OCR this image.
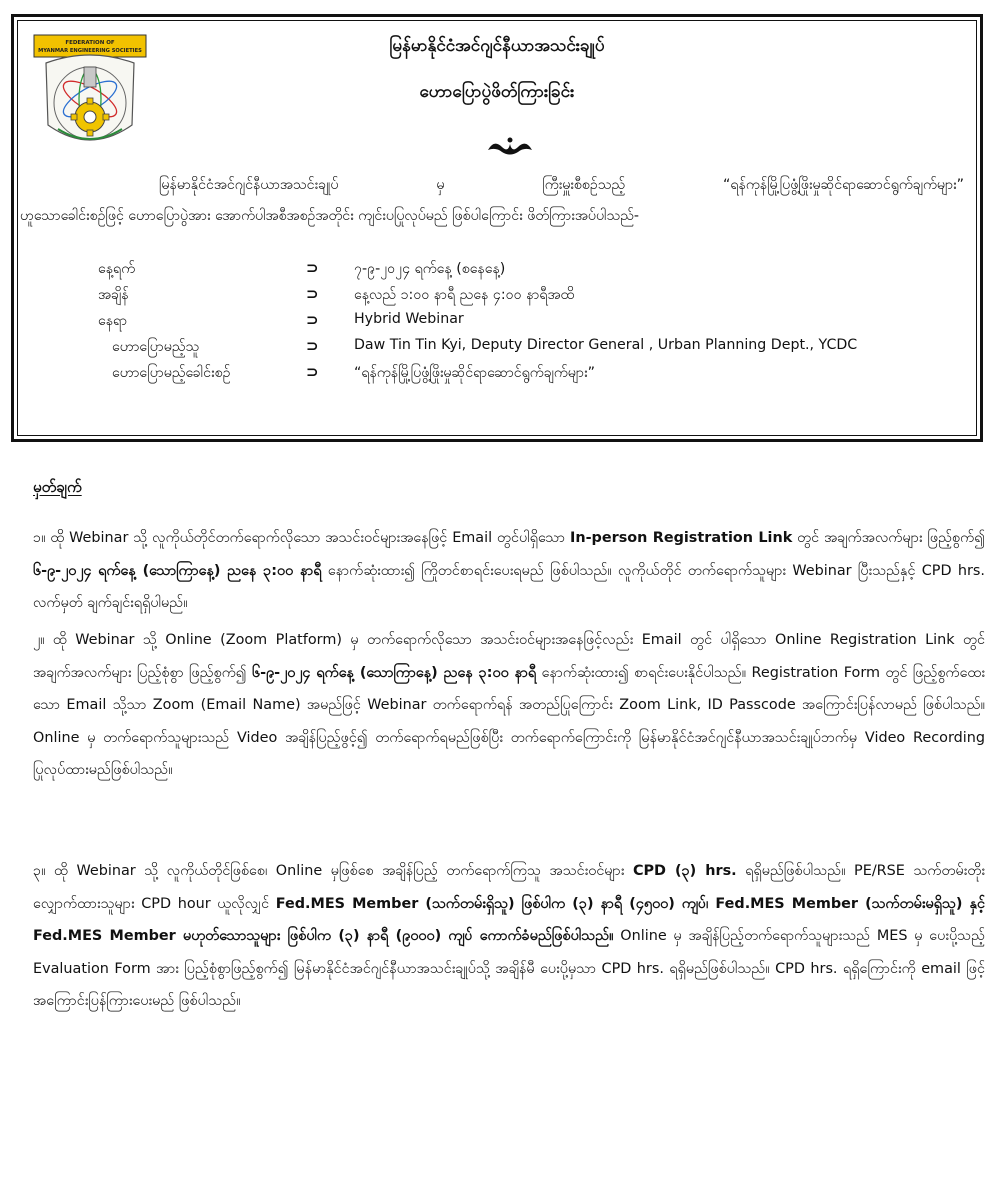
FEDERATION OF
MYANMAR ENGINEERING SOCIETIES	မြန်မာနိုင်ငံအင်ဂျင်နီယာအသင်းချုပ်
ဟောပြောပွဲဖိတ်ကြားခြင်း
မြန်မာနိုင်ငံအင်ဂျင်နီယာအသင်းချုပ်	မှ	ကြီးမှူးစီစဉ်သည့်	“ရန်ကုန်မြို့ပြဖွံ့ဖြိုးမှုဆိုင်ရာဆောင်ရွက်ချက်များ”
ဟူသောခေါင်းစဉ်ဖြင့် ဟောပြောပွဲအား အောက်ပါအစီအစဉ်အတိုင်း ကျင်းပပြုလုပ်မည် ဖြစ်ပါကြောင်း ဖိတ်ကြားအပ်ပါသည်-
နေ့ရက်	⊃ ၇-၉-၂၀၂၄ ရက်နေ့ (စနေနေ့)
အချိန်	⊃ နေ့လည် ၁:၀၀ နာရီ ညနေ ၄:၀၀ နာရီအထိ
နေရာ	⊃ Hybrid Webinar
ဟောပြောမည့်သူ	⊃ Daw Tin Tin Kyi, Deputy Director General , Urban Planning Dept., YCDC
ဟောပြောမည့်ခေါင်းစဉ်	⊃ “ရန်ကုန်မြို့ပြဖွံ့ဖြိုးမှုဆိုင်ရာဆောင်ရွက်ချက်များ”
မှတ်ချက်

၁။ ထို Webinar သို့ လူကိုယ်တိုင်တက်ရောက်လိုသော အသင်းဝင်များအနေဖြင့် Email တွင်ပါရှိသော In-person Registration Link တွင် အချက်အလက်များ ဖြည့်စွက်၍ ၆-၉-၂၀၂၄ ရက်နေ့ (သောကြာနေ့) ညနေ ၃:၀၀ နာရီ နောက်ဆုံးထား၍ ကြိုတင်စာရင်းပေးရမည် ဖြစ်ပါသည်။ လူကိုယ်တိုင် တက်ရောက်သူများ Webinar ပြီးသည်နှင့် CPD hrs. လက်မှတ် ချက်ချင်းရရှိပါမည်။

၂။ ထို Webinar သို့ Online (Zoom Platform) မှ တက်ရောက်လိုသော အသင်းဝင်များအနေဖြင့်လည်း Email တွင် ပါရှိသော Online Registration Link တွင် အချက်အလက်များ ပြည့်စုံစွာ ဖြည့်စွက်၍ ၆-၉-၂၀၂၄ ရက်နေ့ (သောကြာနေ့) ညနေ ၃:၀၀ နာရီ နောက်ဆုံးထား၍ စာရင်းပေးနိုင်ပါသည်။ Registration Form တွင် ဖြည့်စွက်ထေးသော Email သို့သာ Zoom (Email Name) အမည်ဖြင့် Webinar တက်ရောက်ရန် အတည်ပြုကြောင်း Zoom Link, ID Passcode အကြောင်းပြန်လာမည် ဖြစ်ပါသည်။ Online မှ တက်ရောက်သူများသည် Video အချိန်ပြည့်ဖွင့်၍ တက်ရောက်ရမည်ဖြစ်ပြီး တက်ရောက်ကြောင်းကို မြန်မာနိုင်ငံအင်ဂျင်နီယာအသင်းချုပ်ဘက်မှ Video Recording ပြုလုပ်ထားမည်ဖြစ်ပါသည်။

၃။ ထို Webinar သို့ လူကိုယ်တိုင်ဖြစ်စေ၊ Online မှဖြစ်စေ အချိန်ပြည့် တက်ရောက်ကြသူ အသင်းဝင်များ CPD (၃) hrs. ရရှိမည်ဖြစ်ပါသည်။ PE/RSE သက်တမ်းတိုးလျှောက်ထားသူများ CPD hour ယူလိုလျှင် Fed.MES Member (သက်တမ်းရှိသူ) ဖြစ်ပါက (၃) နာရီ (၄၅၀၀) ကျပ်၊ Fed.MES Member (သက်တမ်းမရှိသူ) နှင့် Fed.MES Member မဟုတ်သောသူများ ဖြစ်ပါက (၃) နာရီ (၉၀၀၀) ကျပ် ကောက်ခံမည်ဖြစ်ပါသည်။ Online မှ အချိန်ပြည့်တက်ရောက်သူများသည် MES မှ ပေးပို့သည့် Evaluation Form အား ပြည့်စုံစွာဖြည့်စွက်၍ မြန်မာနိုင်ငံအင်ဂျင်နီယာအသင်းချုပ်သို့ အချိန်မီ ပေးပို့မှသာ CPD hrs. ရရှိမည်ဖြစ်ပါသည်။ CPD hrs. ရရှိကြောင်းကို email ဖြင့် အကြောင်းပြန်ကြားပေးမည် ဖြစ်ပါသည်။
